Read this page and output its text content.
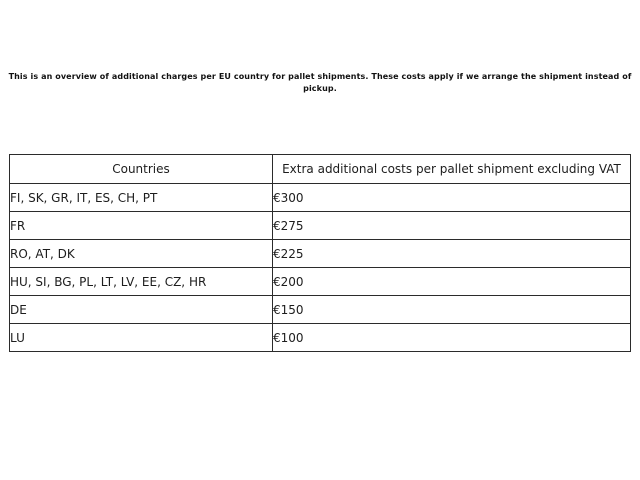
This is an overview of additional charges per EU country for pallet shipments. These costs apply if we arrange the shipment instead of pickup.

Countries	Extra additional costs per pallet shipment excluding VAT
FI, SK, GR, IT, ES, CH, PT	€300
FR	€275
RO, AT, DK	€225
HU, SI, BG, PL, LT, LV, EE, CZ, HR	€200
DE	€150
LU	€100
